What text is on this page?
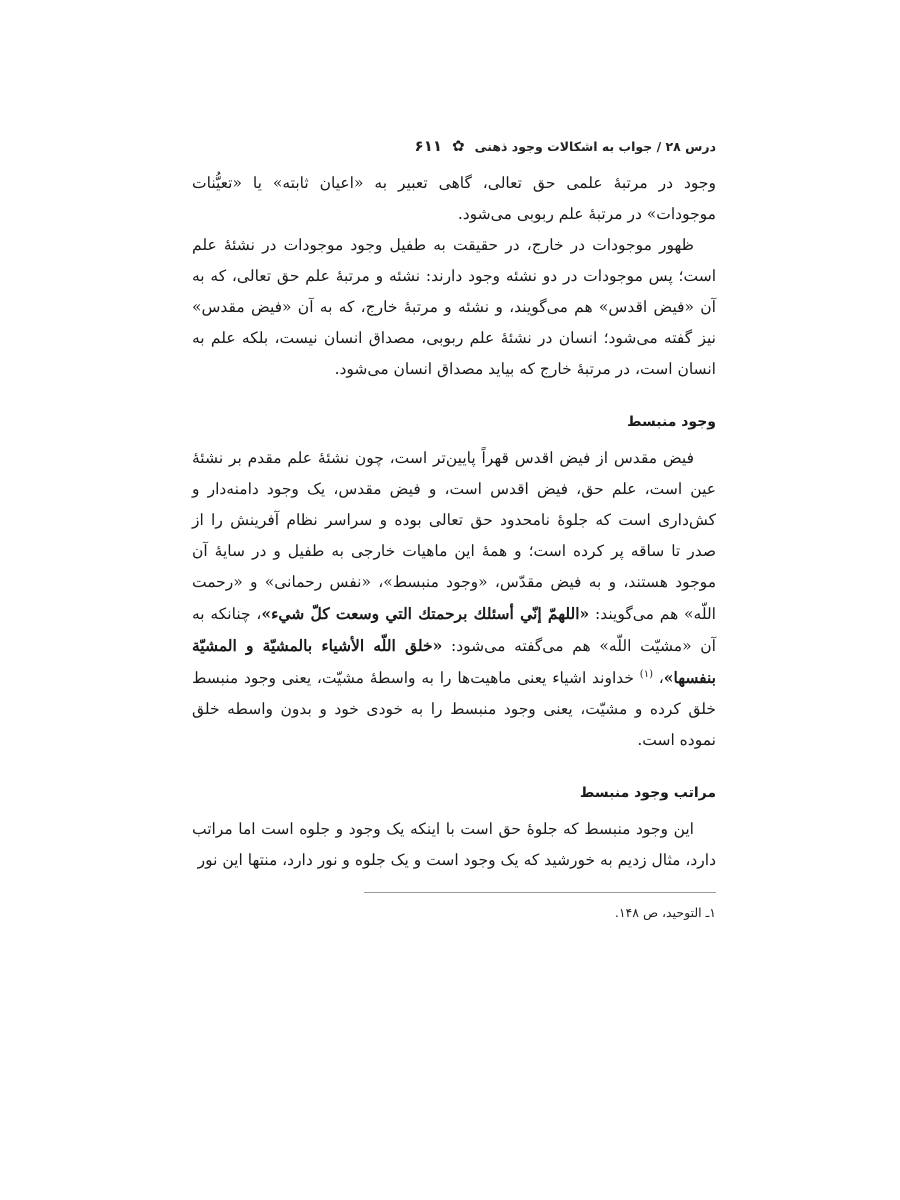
درس ۲۸ / جواب به اشکالات وجود ذهنی
✿
۶۱۱

وجود در مرتبهٔ علمی حق تعالی، گاهی تعبیر به «اعیان ثابته» یا «تعیُّنات موجودات» در مرتبهٔ علم ربوبی می‌شود.

ظهور موجودات در خارج، در حقیقت به طفیل وجود موجودات در نشئهٔ علم است؛ پس موجودات در دو نشئه وجود دارند: نشئه و مرتبهٔ علم حق تعالی، که به آن «فیض اقدس» هم می‌گویند، و نشئه و مرتبهٔ خارج، که به آن «فیض مقدس» نیز گفته می‌شود؛ انسان در نشئهٔ علم ربوبی، مصداق انسان نیست، بلکه علم به انسان است، در مرتبهٔ خارج که بیاید مصداق انسان می‌شود.

وجود منبسط

فیض مقدس از فیض اقدس قهراً پایین‌تر است، چون نشئهٔ علم مقدم بر نشئهٔ عین است، علم حق، فیض اقدس است، و فیض مقدس، یک وجود دامنه‌دار و کش‌داری است که جلوهٔ نامحدود حق تعالی بوده و سراسر نظام آفرینش را از صدر تا ساقه پر کرده است؛ و همهٔ این ماهیات خارجی به طفیل و در سایهٔ آن موجود هستند، و به فیض مقدّس، «وجود منبسط»، «نفس رحمانی» و «رحمت اللّه» هم می‌گویند: «اللهمّ إنّي أسئلك برحمتك التي وسعت كلّ شيء»، چنانکه به آن «مشیّت اللّه» هم می‌گفته می‌شود: «خلق اللّه الأشياء بالمشيّة و المشيّة بنفسها»، $^{(۱)}$ خداوند اشیاء یعنی ماهیت‌ها را به واسطهٔ مشیّت، یعنی وجود منبسط خلق کرده و مشیّت، یعنی وجود منبسط را به خودی خود و بدون واسطه خلق نموده است.

مراتب وجود منبسط

این وجود منبسط که جلوهٔ حق است با اینکه یک وجود و جلوه است اما مراتب دارد، مثال زدیم به خورشید که یک وجود است و یک جلوه و نور دارد، منتها این نور

۱ـ التوحید، ص ۱۴۸.
